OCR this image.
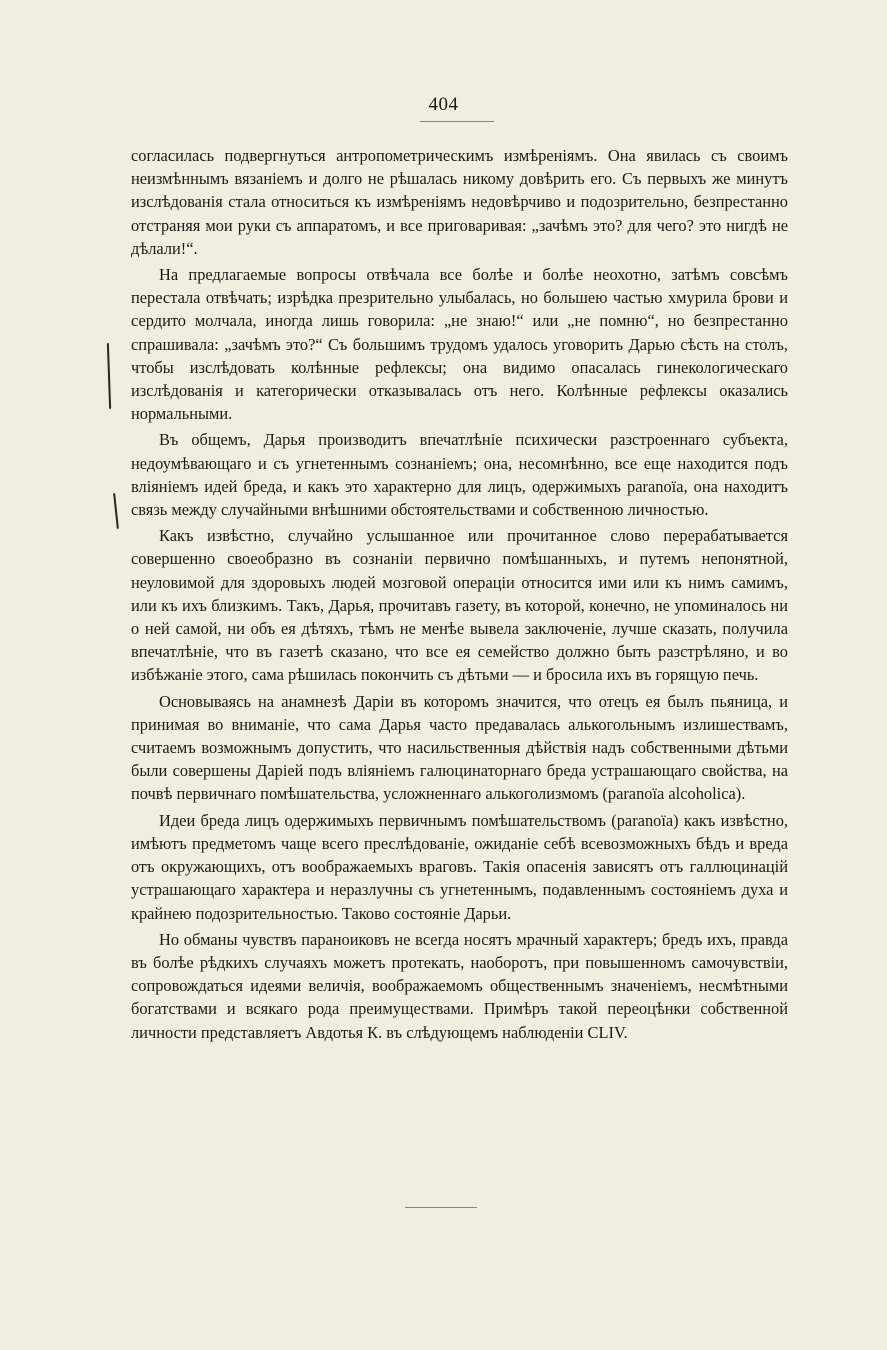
404

согласилась подвергнуться антропометрическимъ измѣреніямъ. Она явилась съ своимъ неизмѣннымъ вязаніемъ и долго не рѣшалась никому довѣрить его. Съ первыхъ же минутъ изслѣдованія стала относиться къ измѣреніямъ недовѣрчиво и подозрительно, безпрестанно отстраняя мои руки съ аппаратомъ, и все приговаривая: „зачѣмъ это? для чего? это нигдѣ не дѣлали!“.

На предлагаемые вопросы отвѣчала все болѣе и болѣе неохотно, затѣмъ совсѣмъ перестала отвѣчать; изрѣдка презрительно улыбалась, но большею частью хмурила брови и сердито молчала, иногда лишь говорила: „не знаю!“ или „не помню“, но безпрестанно спрашивала: „зачѣмъ это?“ Съ большимъ трудомъ удалось уговорить Дарью сѣсть на столъ, чтобы изслѣдовать колѣнные рефлексы; она видимо опасалась гинекологическаго изслѣдованія и категорически отказывалась отъ него. Колѣнные рефлексы оказались нормальными.

Въ общемъ, Дарья производитъ впечатлѣніе психически разстроеннаго субъекта, недоумѣвающаго и съ угнетеннымъ сознаніемъ; она, несомнѣнно, все еще находится подъ вліяніемъ идей бреда, и какъ это характерно для лицъ, одержимыхъ paranoïa, она находитъ связь между случайными внѣшними обстоятельствами и собственною личностью.

Какъ извѣстно, случайно услышанное или прочитанное слово перерабатывается совершенно своеобразно въ сознаніи первично помѣшанныхъ, и путемъ непонятной, неуловимой для здоровыхъ людей мозговой операціи относится ими или къ нимъ самимъ, или къ ихъ близкимъ. Такъ, Дарья, прочитавъ газету, въ которой, конечно, не упоминалось ни о ней самой, ни объ ея дѣтяхъ, тѣмъ не менѣе вывела заключеніе, лучше сказать, получила впечатлѣніе, что въ газетѣ сказано, что все ея семейство должно быть разстрѣляно, и во избѣжаніе этого, сама рѣшилась покончить съ дѣтьми — и бросила ихъ въ горящую печь.

Основываясь на анамнезѣ Даріи въ которомъ значится, что отецъ ея былъ пьяница, и принимая во вниманіе, что сама Дарья часто предавалась алькогольнымъ излишествамъ, считаемъ возможнымъ допустить, что насильственныя дѣйствія надъ собственными дѣтьми были совершены Даріей подъ вліяніемъ галюцинаторнаго бреда устрашающаго свойства, на почвѣ первичнаго помѣшательства, усложненнаго алькоголизмомъ (paranoïa alcoholica).

Идеи бреда лицъ одержимыхъ первичнымъ помѣшательствомъ (paranoïa) какъ извѣстно, имѣютъ предметомъ чаще всего преслѣдованіе, ожиданіе себѣ всевозможныхъ бѣдъ и вреда отъ окружающихъ, отъ воображаемыхъ враговъ. Такія опасенія зависятъ отъ галлюцинацій устрашающаго характера и неразлучны съ угнетеннымъ, подавленнымъ состояніемъ духа и крайнею подозрительностью. Таково состояніе Дарьи.

Но обманы чувствъ параноиковъ не всегда носятъ мрачный характеръ; бредъ ихъ, правда въ болѣе рѣдкихъ случаяхъ можетъ протекать, наоборотъ, при повышенномъ самочувствіи, сопровождаться идеями величія, воображаемомъ общественнымъ значеніемъ, несмѣтными богатствами и всякаго рода преимуществами. Примѣръ такой переоцѣнки собственной личности представляетъ Авдотья К. въ слѣдующемъ наблюденіи CLIV.
